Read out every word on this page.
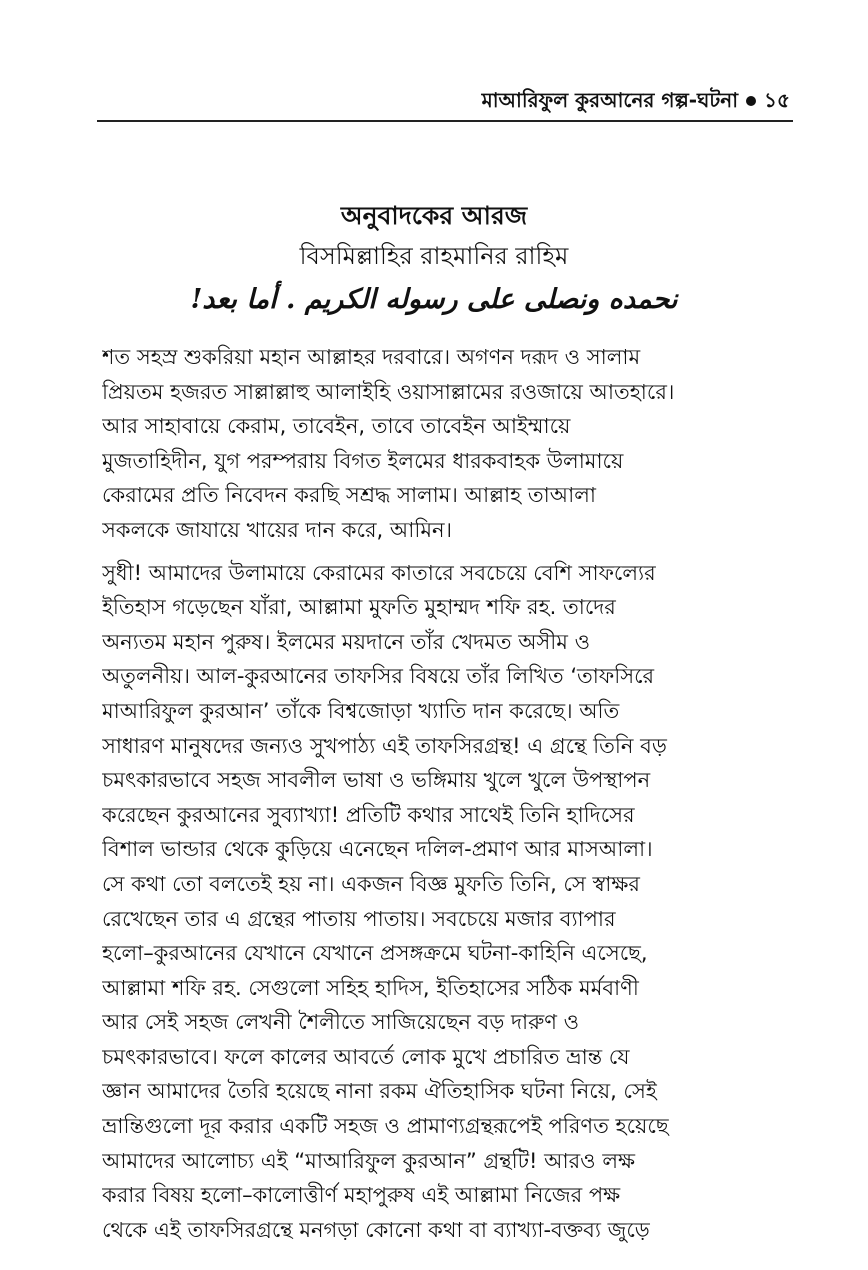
মাআরিফুল কুরআনের গল্প-ঘটনা ১৫
অনুবাদকের আরজ
বিসমিল্লাহির রাহমানির রাহিম
نحمده ونصلى على رسوله الكريم . أما بعد!

শত সহস্র শুকরিয়া মহান আল্লাহর দরবারে। অগণন দরূদ ও সালাম
প্রিয়তম হজরত সাল্লাল্লাহু আলাইহি ওয়াসাল্লামের রওজায়ে আতহারে।
আর সাহাবায়ে কেরাম, তাবেইন, তাবে তাবেইন আইম্মায়ে
মুজতাহিদীন, যুগ পরম্পরায় বিগত ইলমের ধারকবাহক উলামায়ে
কেরামের প্রতি নিবেদন করছি সশ্রদ্ধ সালাম। আল্লাহ তাআলা
সকলকে জাযায়ে খায়ের দান করে, আমিন।

সুধী! আমাদের উলামায়ে কেরামের কাতারে সবচেয়ে বেশি সাফল্যের
ইতিহাস গড়েছেন যাঁরা, আল্লামা মুফতি মুহাম্মদ শফি রহ. তাদের
অন্যতম মহান পুরুষ। ইলমের ময়দানে তাঁর খেদমত অসীম ও
অতুলনীয়। আল-কুরআনের তাফসির বিষয়ে তাঁর লিখিত ‘তাফসিরে
মাআরিফুল কুরআন’ তাঁকে বিশ্বজোড়া খ্যাতি দান করেছে। অতি
সাধারণ মানুষদের জন্যও সুখপাঠ্য এই তাফসিরগ্রন্থ! এ গ্রন্থে তিনি বড়
চমৎকারভাবে সহজ সাবলীল ভাষা ও ভঙ্গিমায় খুলে খুলে উপস্থাপন
করেছেন কুরআনের সুব্যাখ্যা! প্রতিটি কথার সাথেই তিনি হাদিসের
বিশাল ভান্ডার থেকে কুড়িয়ে এনেছেন দলিল-প্রমাণ আর মাসআলা।
সে কথা তো বলতেই হয় না। একজন বিজ্ঞ মুফতি তিনি, সে স্বাক্ষর
রেখেছেন তার এ গ্রন্থের পাতায় পাতায়। সবচেয়ে মজার ব্যাপার
হলো–কুরআনের যেখানে যেখানে প্রসঙ্গক্রমে ঘটনা-কাহিনি এসেছে,
আল্লামা শফি রহ. সেগুলো সহিহ হাদিস, ইতিহাসের সঠিক মর্মবাণী
আর সেই সহজ লেখনী শৈলীতে সাজিয়েছেন বড় দারুণ ও
চমৎকারভাবে। ফলে কালের আবর্তে লোক মুখে প্রচারিত ভ্রান্ত যে
জ্ঞান আমাদের তৈরি হয়েছে নানা রকম ঐতিহাসিক ঘটনা নিয়ে, সেই
ভ্রান্তিগুলো দূর করার একটি সহজ ও প্রামাণ্যগ্রন্থরূপেই পরিণত হয়েছে
আমাদের আলোচ্য এই “মাআরিফুল কুরআন” গ্রন্থটি! আরও লক্ষ
করার বিষয় হলো–কালোত্তীর্ণ মহাপুরুষ এই আল্লামা নিজের পক্ষ
থেকে এই তাফসিরগ্রন্থে মনগড়া কোনো কথা বা ব্যাখ্যা-বক্তব্য জুড়ে
